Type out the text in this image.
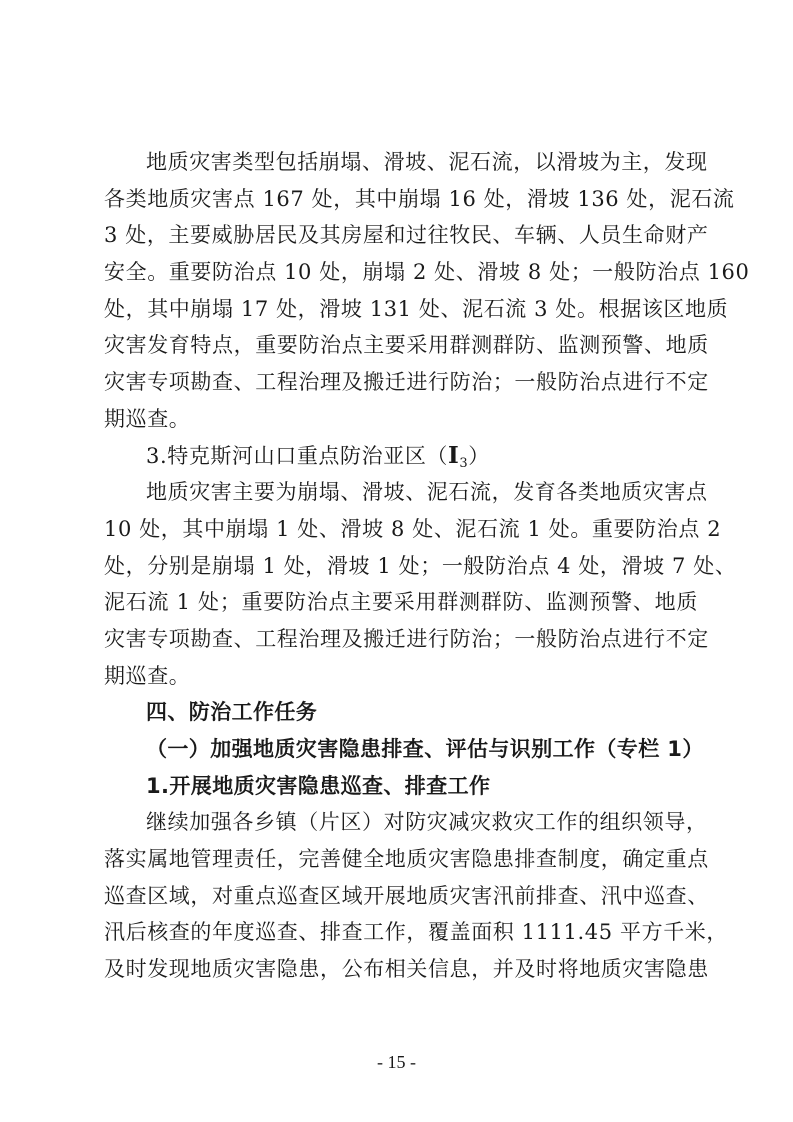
地质灾害类型包括崩塌、滑坡、泥石流，以滑坡为主，发现
各类地质灾害点 167 处，其中崩塌 16 处，滑坡 136 处，泥石流
3 处，主要威胁居民及其房屋和过往牧民、车辆、人员生命财产
安全。重要防治点 10 处，崩塌 2 处、滑坡 8 处；一般防治点 160
处，其中崩塌 17 处，滑坡 131 处、泥石流 3 处。根据该区地质
灾害发育特点，重要防治点主要采用群测群防、监测预警、地质
灾害专项勘查、工程治理及搬迁进行防治；一般防治点进行不定
期巡查。
3.特克斯河山口重点防治亚区$(Ⅰ_3)$
地质灾害主要为崩塌、滑坡、泥石流，发育各类地质灾害点
10 处，其中崩塌 1 处、滑坡 8 处、泥石流 1 处。重要防治点 2
处，分别是崩塌 1 处，滑坡 1 处；一般防治点 4 处，滑坡 7 处、
泥石流 1 处；重要防治点主要采用群测群防、监测预警、地质
灾害专项勘查、工程治理及搬迁进行防治；一般防治点进行不定
期巡查。
四、防治工作任务
（一）加强地质灾害隐患排查、评估与识别工作（专栏 1）
1.开展地质灾害隐患巡查、排查工作
继续加强各乡镇（片区）对防灾减灾救灾工作的组织领导，
落实属地管理责任，完善健全地质灾害隐患排查制度，确定重点
巡查区域，对重点巡查区域开展地质灾害汛前排查、汛中巡查、
汛后核查的年度巡查、排查工作，覆盖面积 1111.45 平方千米，
及时发现地质灾害隐患，公布相关信息，并及时将地质灾害隐患
- 15 -
